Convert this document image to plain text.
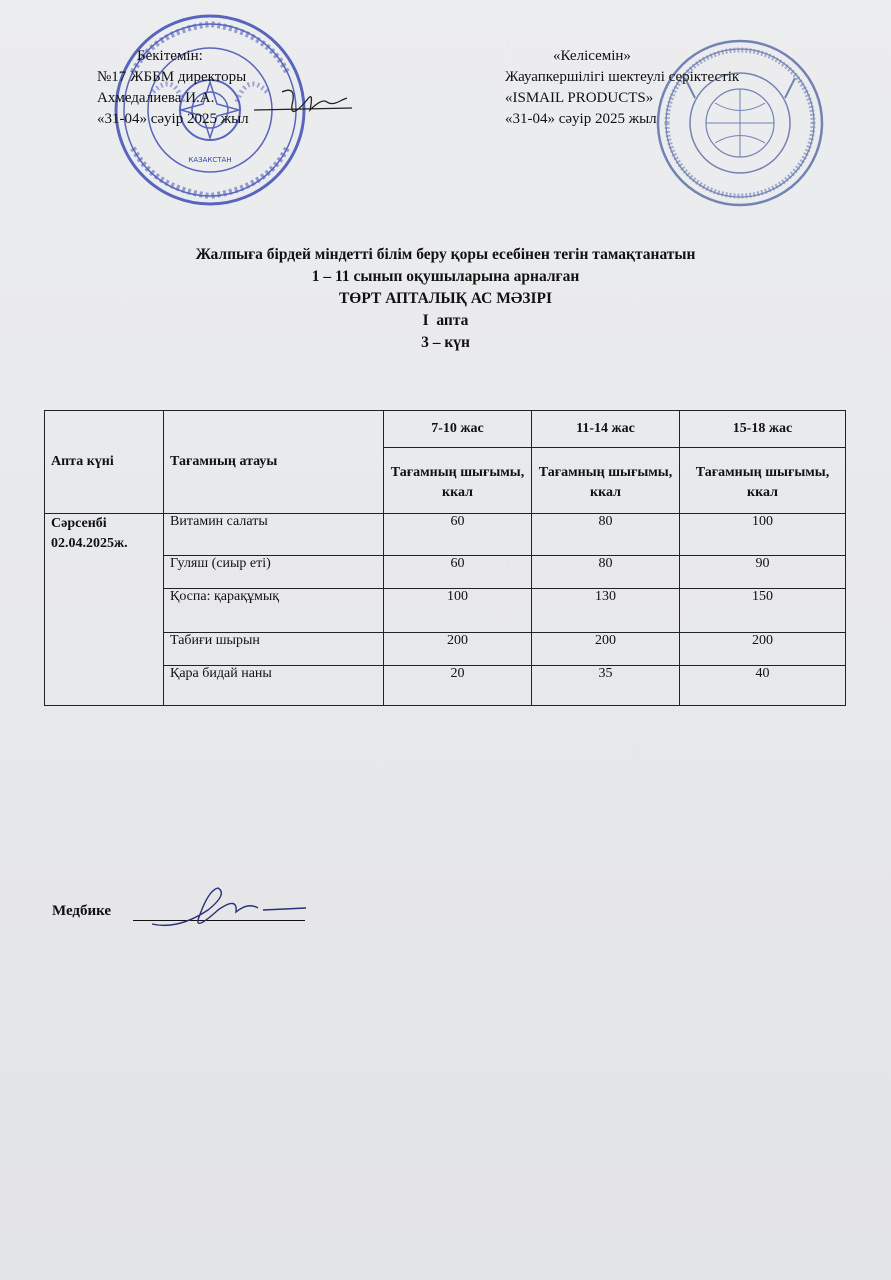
КАЗАКСТАН
Бекітемін:
№17 ЖББМ директоры
Ахмедалиева И.А.
«31-04» сәуір 2025 жыл
«Келісемін»
Жауапкершілігі шектеулі серіктестік
«ISMAIL PRODUCTS»
«31-04» сәуір 2025 жыл
Жалпыға бірдей міндетті білім беру қоры есебінен тегін тамақтанатын
1 – 11 сынып оқушыларына арналған
ТӨРТ АПТАЛЫҚ АС МӘЗІРІ
І  апта
3 – күн
Апта күні	Тағамның атауы	7-10 жас	11-14 жас	15-18 жас
		Тағамның шығымы, ккал	Тағамның шығымы, ккал	Тағамның шығымы, ккал

Сәрсенбі
02.04.2025ж.	Витамин салаты	60	80	100
	Гуляш (сиыр еті)	60	80	90
	Қоспа: қарақұмық	100	130	150
	Табиғи шырын	200	200	200
	Қара бидай наны	20	35	40
Медбике
